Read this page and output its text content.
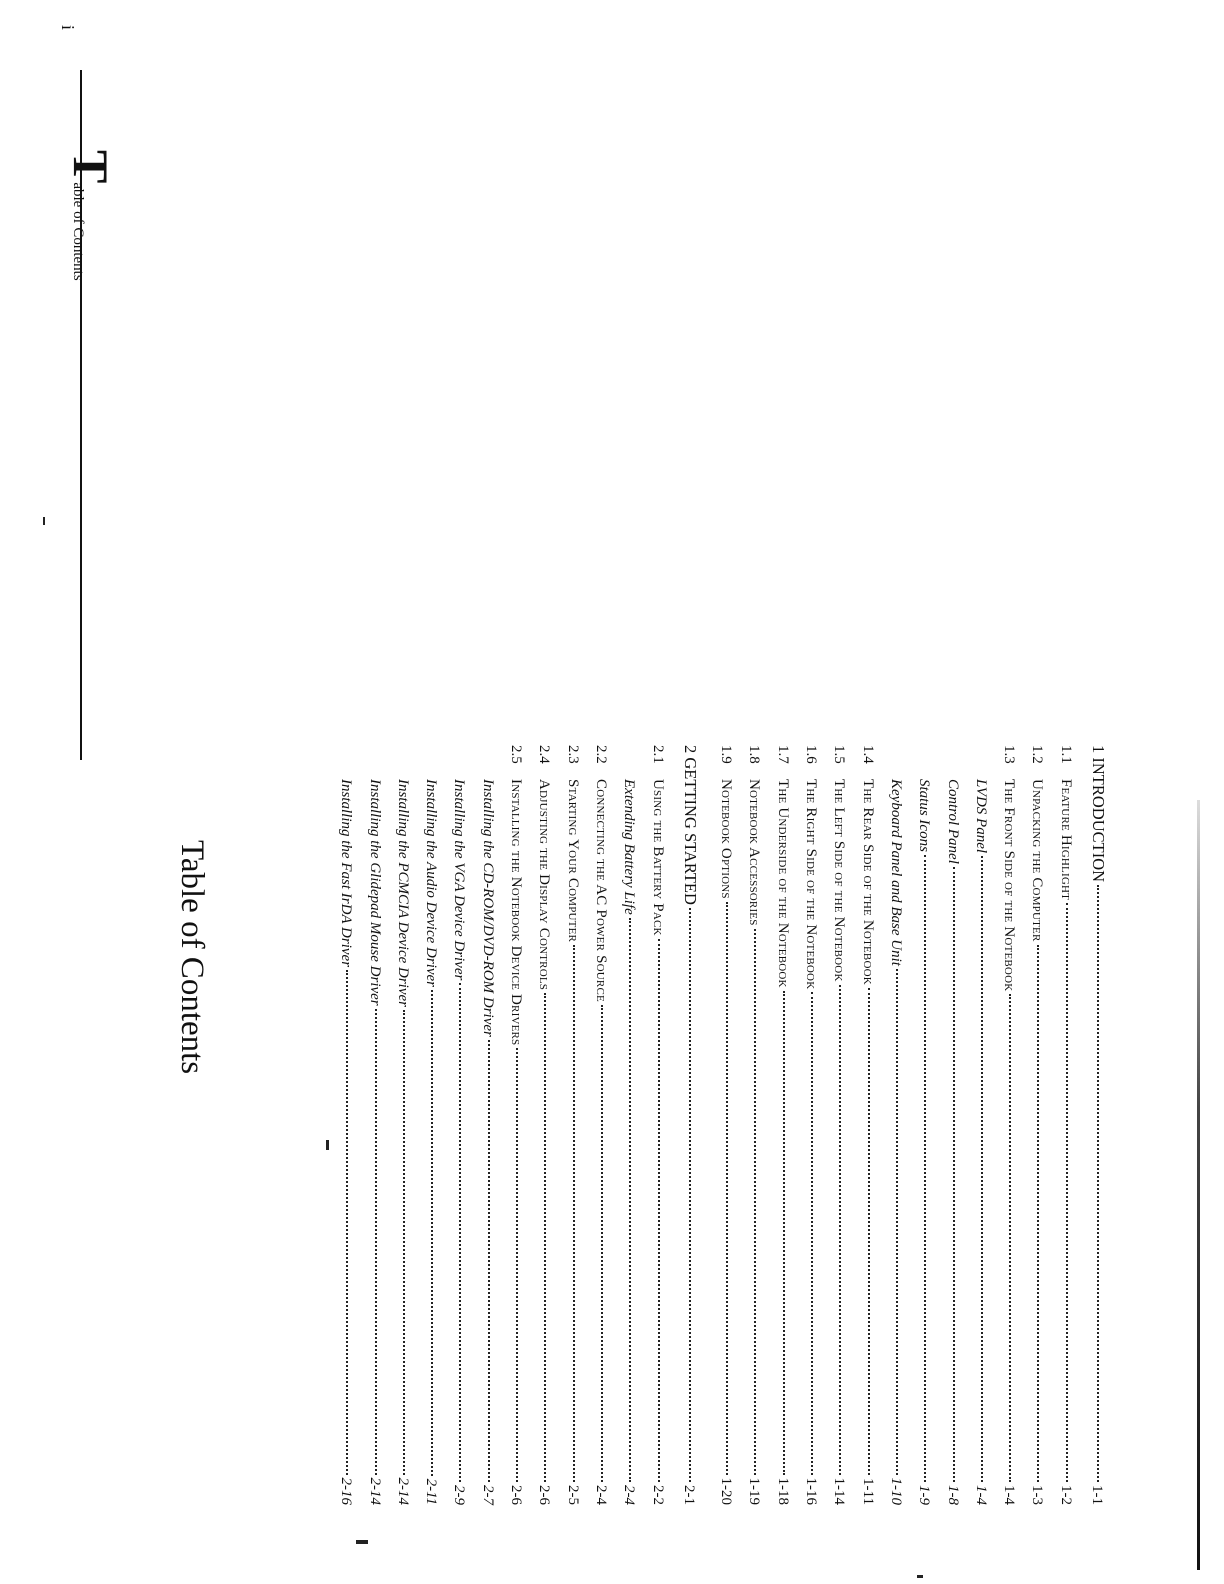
Table of Contents
Table of Contents
1 INTRODUCTION
1-1
1.1
Feature Highlight
1-2
1.2
Unpacking the Computer
1-3
1.3
The Front Side of the Notebook
1-4
LVDS Panel
1-4
Control Panel
1-8
Status Icons
1-9
Keyboard Panel and Base Unit
1-10
1.4
The Rear Side of the Notebook
1-11
1.5
The Left Side of the Notebook
1-14
1.6
The Right Side of the Notebook
1-16
1.7
The Underside of the Notebook
1-18
1.8
Notebook Accessories
1-19
1.9
Notebook Options
1-20
2 GETTING STARTED
2-1
2.1
Using the Battery Pack
2-2
Extending Battery Life
2-4
2.2
Connecting the AC Power Source
2-4
2.3
Starting Your Computer
2-5
2.4
Adjusting the Display Controls
2-6
2.5
Installing the Notebook Device Drivers
2-6
Installing the CD-ROM/DVD-ROM Driver
2-7
Installing the VGA Device Driver
2-9
Installing the Audio Device Driver
2-11
Installing the PCMCIA Device Driver
2-14
Installing the Glidepad Mouse Driver
2-14
Installing the Fast IrDA Driver
2-16
i
